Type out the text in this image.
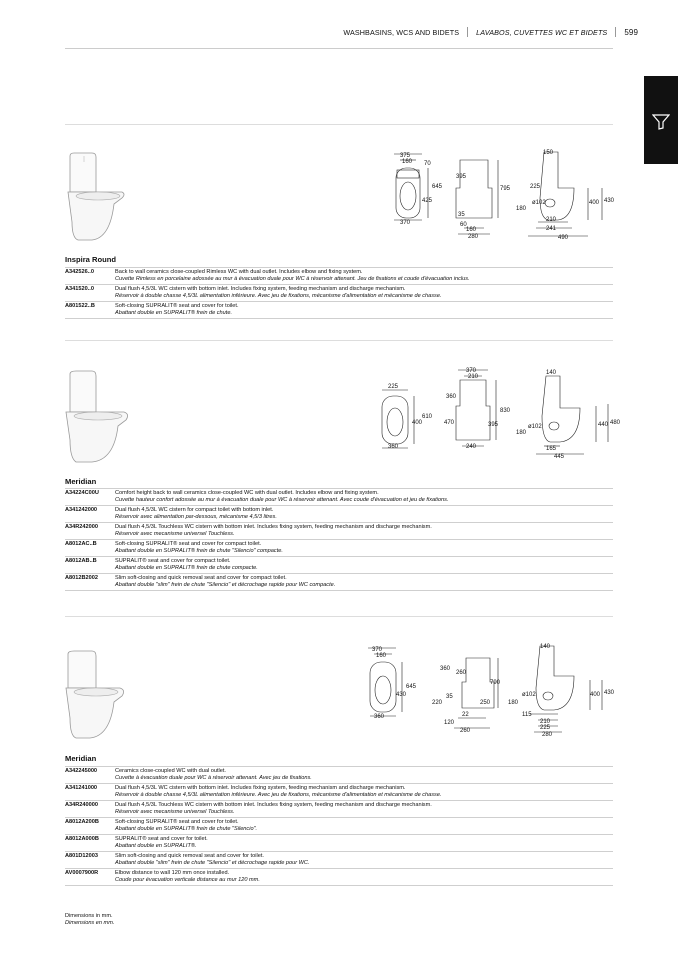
WASHBASINS, WCS AND BIDETS LAVABOS, CUVETTES WC ET BIDETS 599
375
160 70
645
425
370
395
795
35
60
160
280
150
225
430
400
ø102
180
210
241
490
Inspira Round
A342526..0	Back to wall ceramics close-coupled Rimless WC with dual outlet. Includes elbow and fixing system.
Cuvette Rimless en porcelaine adossée au mur à évacuation duale pour WC à réservoir attenant. Jeu de fixations et coude d'évacuation inclus.

A341520..0	Dual flush 4,5/3L WC cistern with bottom inlet. Includes fixing system, feeding mechanism and discharge mechanism.
Réservoir à double chasse 4,5/3L alimentation inférieure. Avec jeu de fixations, mécanisme d'alimentation et mécanisme de chasse.

A801522..B	Soft-closing SUPRALIT® seat and cover for toilet.
Abattant double en SUPRALIT® frein de chute.
225
610
400
360
370
210
360
830
470	395
240
140
480
440
ø102
180
165
445
Meridian
A34224C00U	Comfort height back to wall ceramics close-coupled WC with dual outlet. Includes elbow and fixing system.
Cuvette hauteur confort adossée au mur à évacuation duale pour WC à réservoir attenant. Avec coude d'évacuation et jeu de fixations.

A341242000	Dual flush 4,5/3L WC cistern for compact toilet with bottom inlet.
Réservoir avec alimentation par-dessous, mécanisme 4,5/3 litres.

A34R242000	Dual flush 4,5/3L Touchless WC cistern with bottom inlet. Includes fixing system, feeding mechanism and discharge mechanism.
Réservoir avec mecanisme universel Touchless.

A8012AC..B	Soft-closing SUPRALIT® seat and cover for compact toilet.
Abattant double en SUPRALIT® frein de chute "Silencio" compacte.

A8012AB..B	SUPRALIT® seat and cover for compact toilet.
Abattant double en SUPRALIT® frein de chute compacte.

A8012B2002	Slim soft-closing and quick removal seat and cover for compact toilet.
Abattant double "slim" frein de chute "Silencio" et décrochage rapide pour WC compacte.
370
160
645
430
360
360
260
790
35
220	250
22
120
260
140
430
400
ø102
180
115
210
225
280
Meridian
A342245000	Ceramics close-coupled WC with dual outlet.
Cuvette à évacuation duale pour WC à réservoir attenant. Avec jeu de fixations.

A341241000	Dual flush 4,5/3L WC cistern with bottom inlet. Includes fixing system, feeding mechanism and discharge mechanism.
Réservoir à double chasse 4,5/3L alimentation inférieure. Avec jeu de fixations, mécanisme d'alimentation et mécanisme de chasse.

A34R240000	Dual flush 4,5/3L Touchless WC cistern with bottom inlet. Includes fixing system, feeding mechanism and discharge mechanism.
Réservoir avec mecanisme universel Touchless.

A8012A200B	Soft-closing SUPRALIT® seat and cover for toilet.
Abattant double en SUPRALIT® frein de chute "Silencio".

A8012A000B	SUPRALIT® seat and cover for toilet.
Abattant double en SUPRALIT®.

A801D12003	Slim soft-closing and quick removal seat and cover for toilet.
Abattant double "slim" frein de chute "Silencio" et décrochage rapide pour WC.

AV0007900R	Elbow distance to wall 120 mm once installed.
Coude pour évacuation verticale distance au mur 120 mm.
Dimensions in mm.
Dimensions en mm.
